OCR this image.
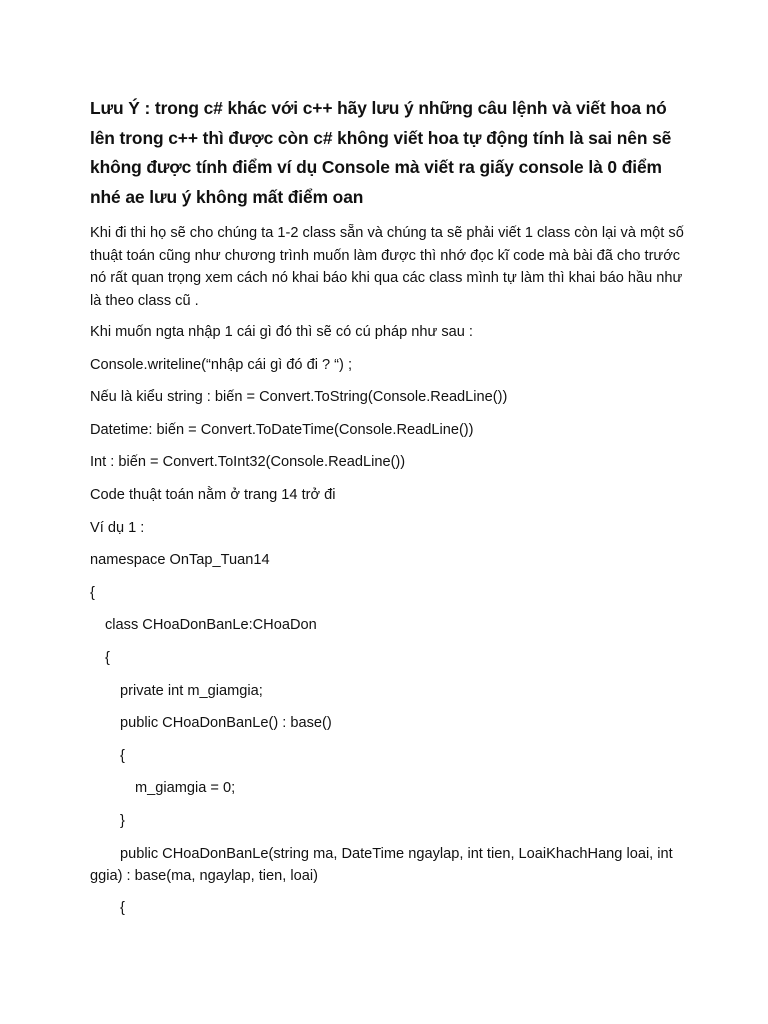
Lưu Ý : trong c# khác với c++ hãy lưu ý những câu lệnh và viết hoa nó lên trong c++ thì được còn c# không viết hoa tự động tính là sai nên sẽ không được tính điểm ví dụ Console mà viết ra giấy console là 0 điểm nhé ae lưu ý không mất điểm oan

Khi đi thi họ sẽ cho chúng ta 1-2 class sẵn và chúng ta sẽ phải viết 1 class còn lại và một số thuật toán cũng như chương trình muốn làm được thì nhớ đọc kĩ code mà bài đã cho trước nó rất quan trọng xem cách nó khai báo khi qua các class mình tự làm thì khai báo hầu như là theo class cũ .

Khi muốn ngta nhập 1 cái gì đó thì sẽ có cú pháp như sau :

Console.writeline(“nhập cái gì đó đi ? “) ;

Nếu là kiểu string : biến = Convert.ToString(Console.ReadLine())

Datetime: biến = Convert.ToDateTime(Console.ReadLine())

Int : biến = Convert.ToInt32(Console.ReadLine())

Code thuật toán nằm ở trang 14 trở đi

Ví dụ 1 :

namespace OnTap_Tuan14

{

class CHoaDonBanLe:CHoaDon

{

private int m_giamgia;

public CHoaDonBanLe() : base()

{

m_giamgia = 0;

}

public CHoaDonBanLe(string ma, DateTime ngaylap, int tien, LoaiKhachHang loai, int ggia) : base(ma, ngaylap, tien, loai)

{
